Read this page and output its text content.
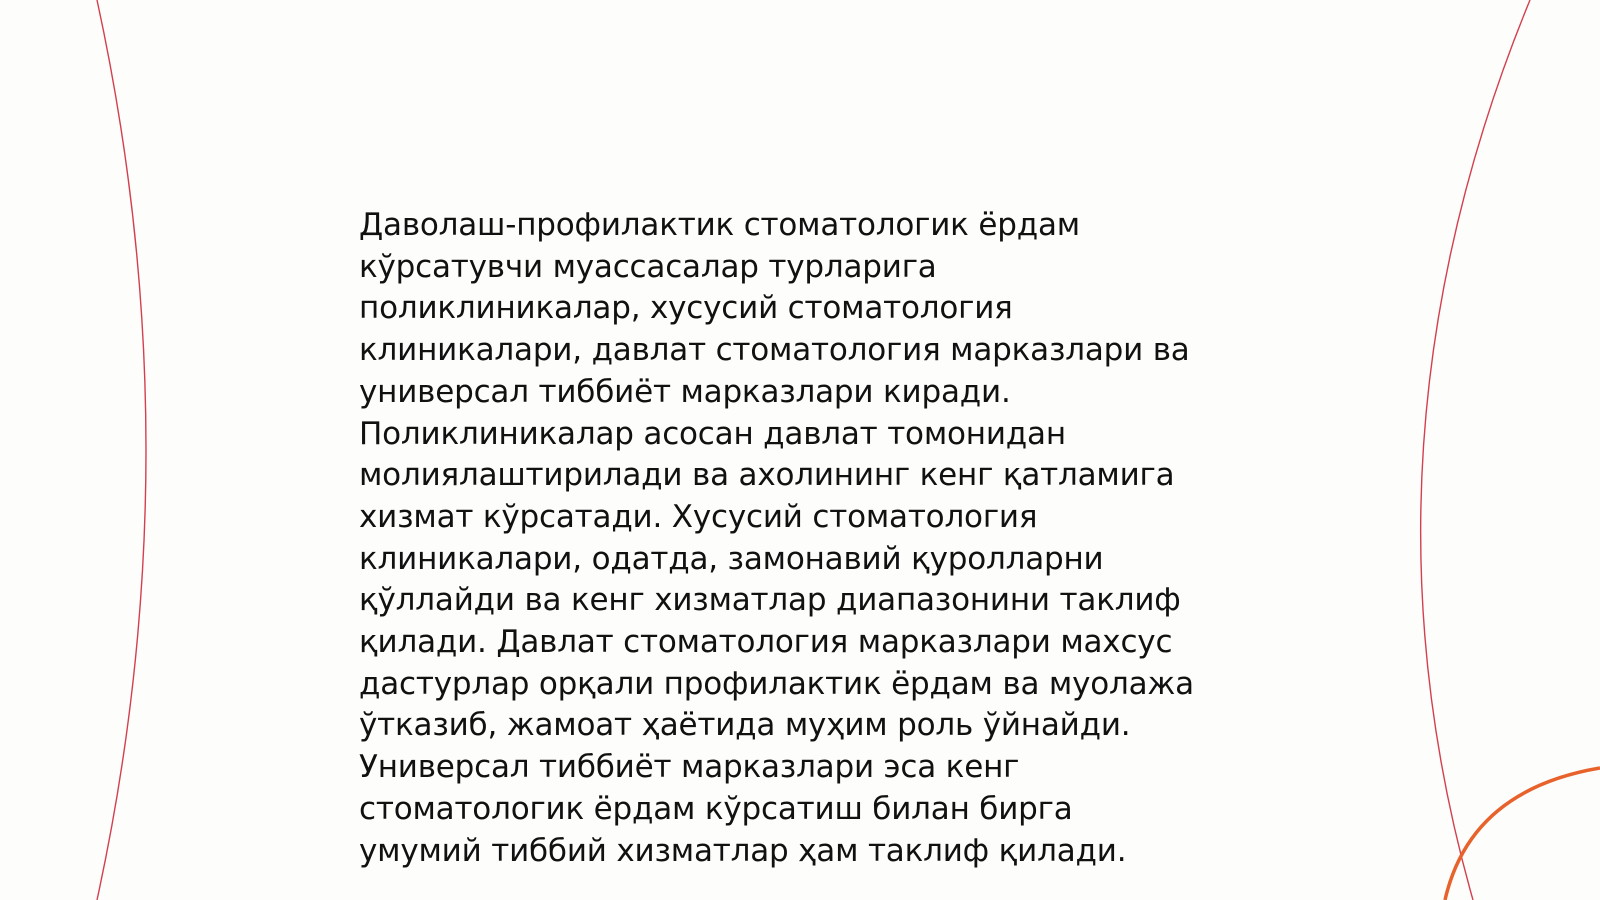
Даволаш-профилактик стоматологик ёрдам
кўрсатувчи муассасалар турларига
поликлиникалар, хусусий стоматология
клиникалари, давлат стоматология марказлари ва
универсал тиббиёт марказлари киради.
Поликлиникалар асосан давлат томонидан
молиялаштирилади ва ахолининг кенг қатламига
хизмат кўрсатади. Хусусий стоматология
клиникалари, одатда, замонавий қуролларни
қўллайди ва кенг хизматлар диапазонини таклиф
қилади. Давлат стоматология марказлари махсус
дастурлар орқали профилактик ёрдам ва муолажа
ўтказиб, жамоат ҳаётида муҳим роль ўйнайди.
Универсал тиббиёт марказлари эса кенг
стоматологик ёрдам кўрсатиш билан бирга
умумий тиббий хизматлар ҳам таклиф қилади.
